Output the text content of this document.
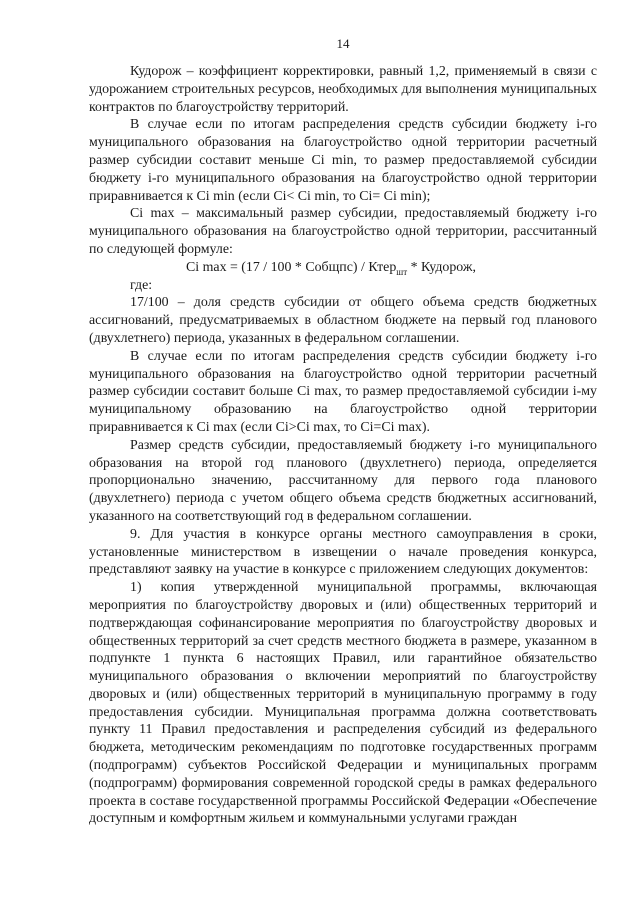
14

Кудорож – коэффициент корректировки, равный 1,2, применяемый в связи с удорожанием строительных ресурсов, необходимых для выполнения муниципальных контрактов по благоустройству территорий.

В случае если по итогам распределения средств субсидии бюджету i-го муниципального образования на благоустройство одной территории расчетный размер субсидии составит меньше Ci min, то размер предоставляемой субсидии бюджету i-го муниципального образования на благоустройство одной территории приравнивается к Ci min (если Ci< Ci min, то Ci= Ci min);

Ci max – максимальный размер субсидии, предоставляемый бюджету i-го муниципального образования на благоустройство одной территории, рассчитанный по следующей формуле:

Ci max = (17 / 100 * Собщпс) / Ктер$_{шт}$ * Кудорож,

где:

17/100 – доля средств субсидии от общего объема средств бюджетных ассигнований, предусматриваемых в областном бюджете на первый год планового (двухлетнего) периода, указанных в федеральном соглашении.

В случае если по итогам распределения средств субсидии бюджету i-го муниципального образования на благоустройство одной территории расчетный размер субсидии составит больше Ci max, то размер предоставляемой субсидии i-му муниципальному образованию на благоустройство одной территории приравнивается к Ci max (если Ci>Ci max, то Ci=Ci max).

Размер средств субсидии, предоставляемый бюджету i-го муниципального образования на второй год планового (двухлетнего) периода, определяется пропорционально значению, рассчитанному для первого года планового (двухлетнего) периода с учетом общего объема средств бюджетных ассигнований, указанного на соответствующий год в федеральном соглашении.

9. Для участия в конкурсе органы местного самоуправления в сроки, установленные министерством в извещении о начале проведения конкурса, представляют заявку на участие в конкурсе с приложением следующих документов:

1) копия утвержденной муниципальной программы, включающая мероприятия по благоустройству дворовых и (или) общественных территорий и подтверждающая софинансирование мероприятия по благоустройству дворовых и общественных территорий за счет средств местного бюджета в размере, указанном в подпункте 1 пункта 6 настоящих Правил, или гарантийное обязательство муниципального образования о включении мероприятий по благоустройству дворовых и (или) общественных территорий в муниципальную программу в году предоставления субсидии. Муниципальная программа должна соответствовать пункту 11 Правил предоставления и распределения субсидий из федерального бюджета, методическим рекомендациям по подготовке государственных программ (подпрограмм) субъектов Российской Федерации и муниципальных программ (подпрограмм) формирования современной городской среды в рамках федерального проекта в составе государственной программы Российской Федерации «Обеспечение доступным и комфортным жильем и коммунальными услугами граждан
